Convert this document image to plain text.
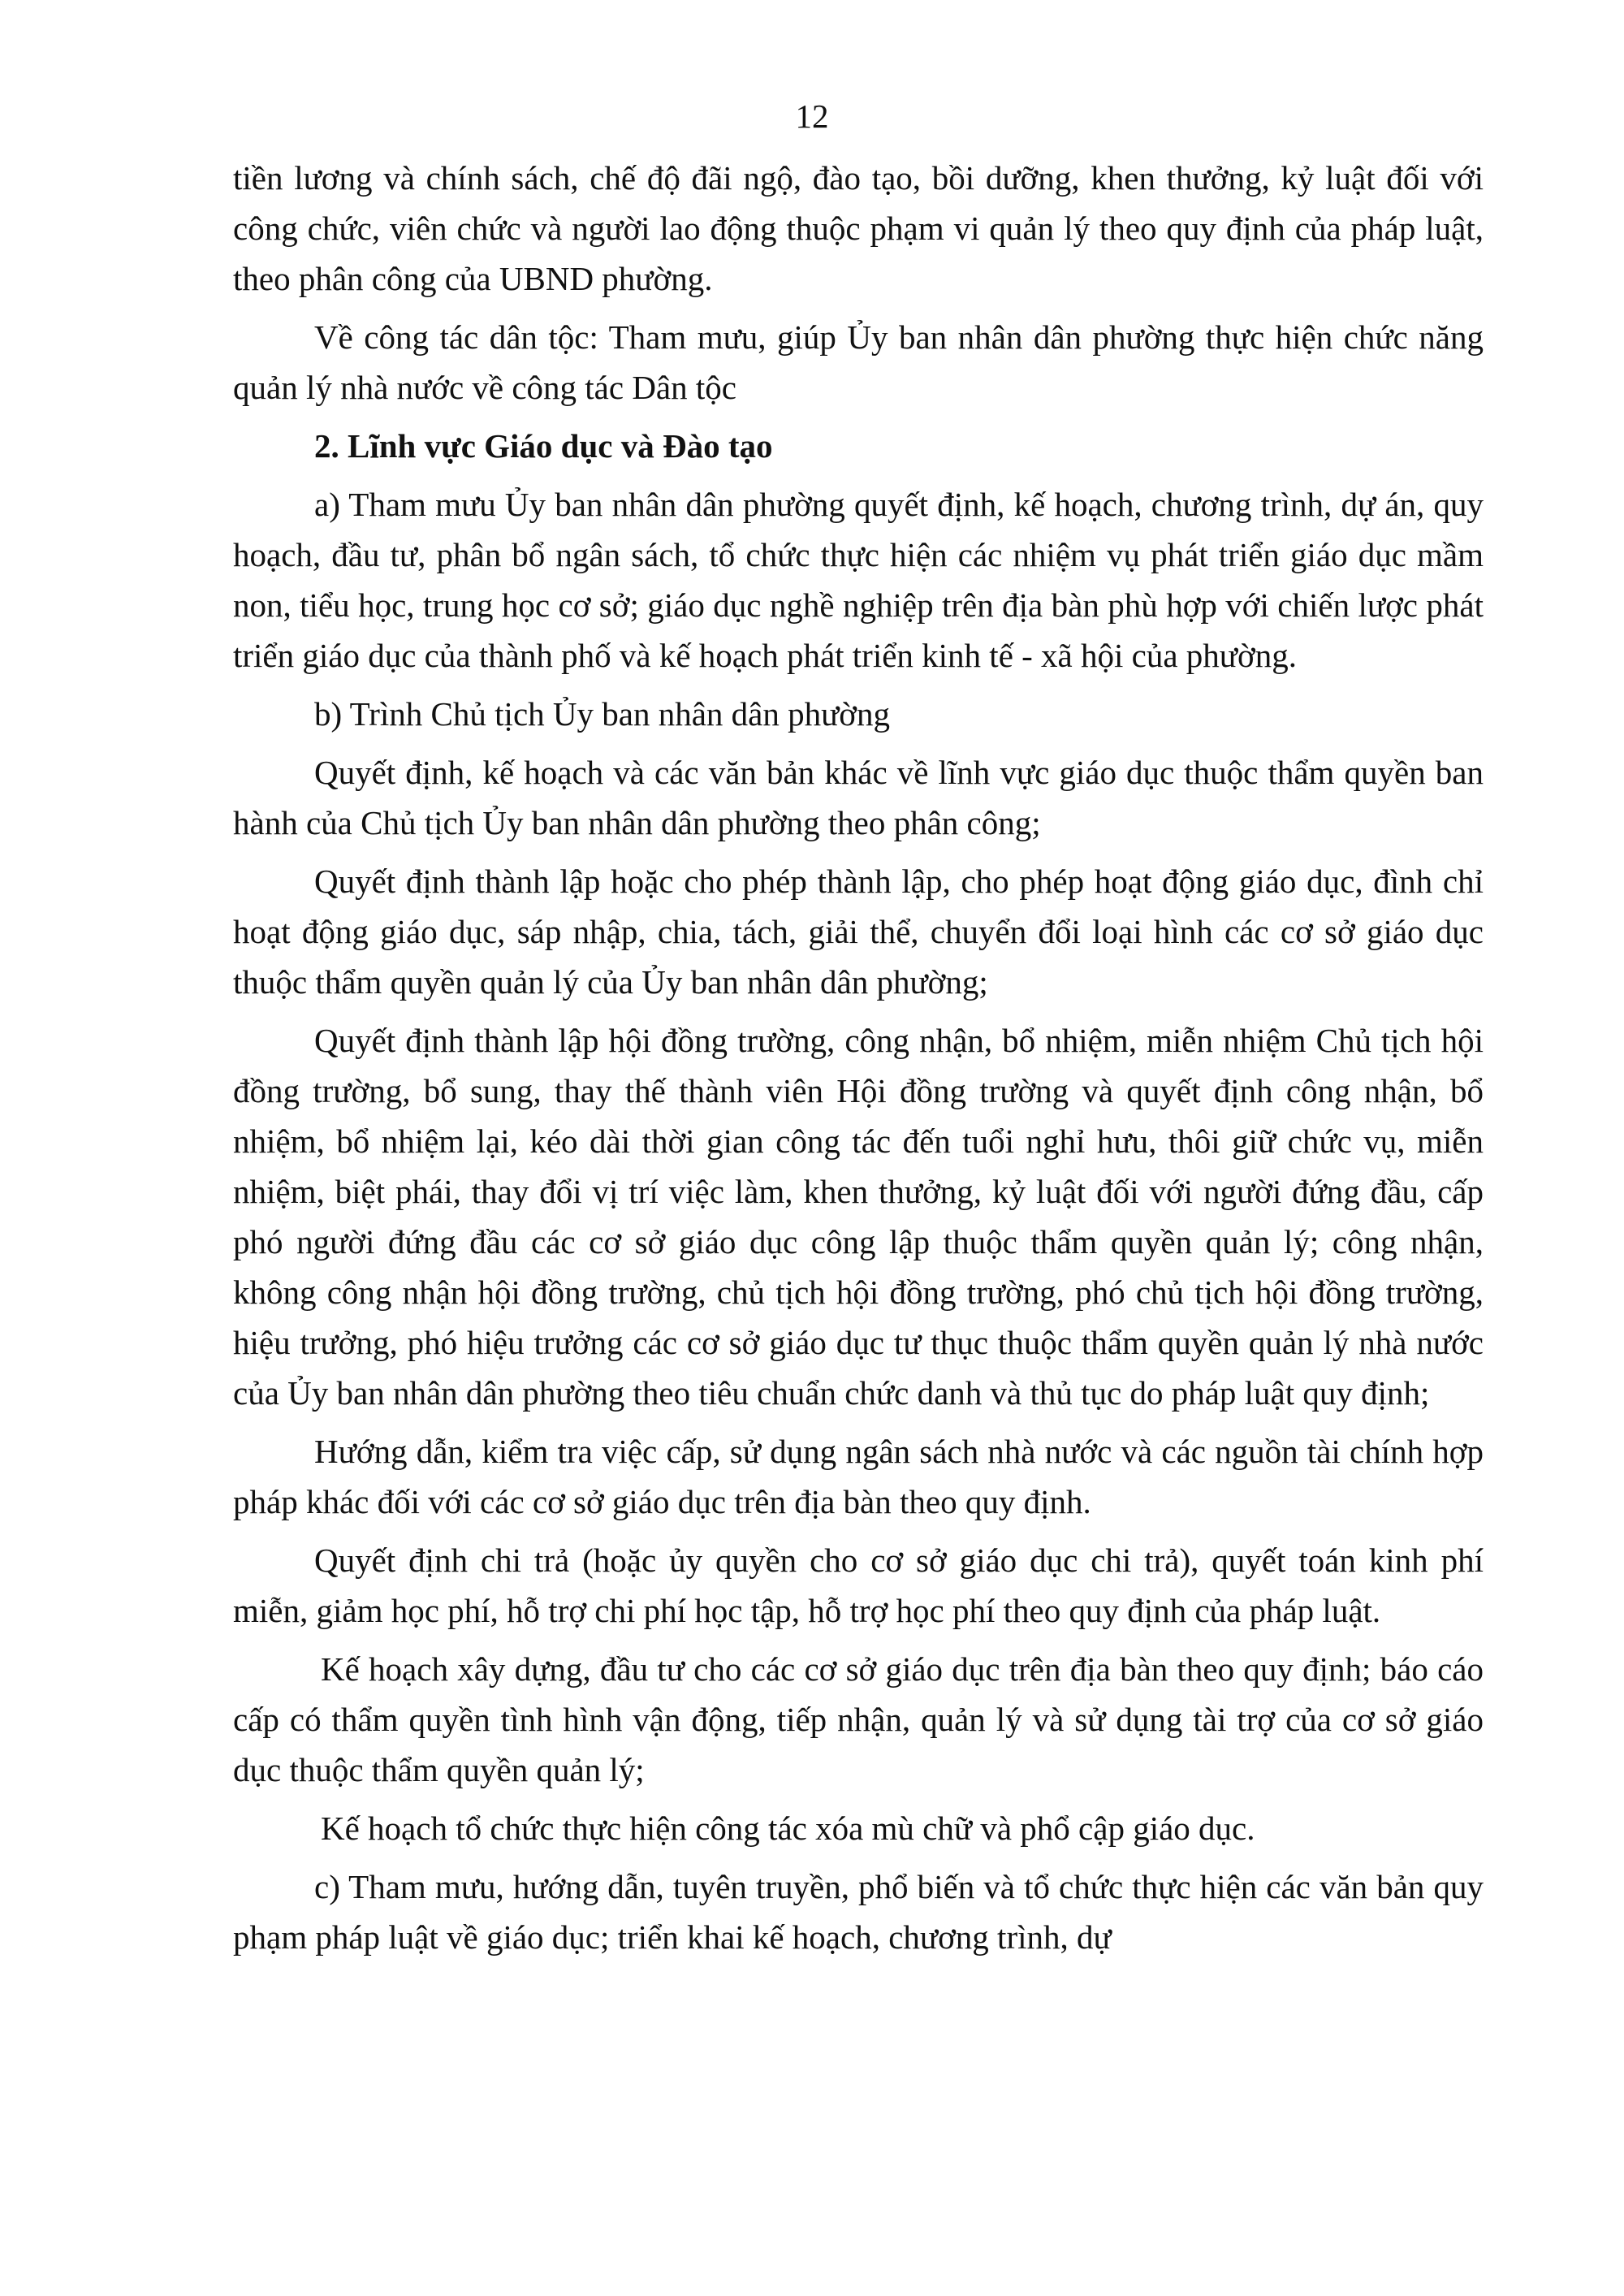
12

tiền lương và chính sách, chế độ đãi ngộ, đào tạo, bồi dưỡng, khen thưởng, kỷ luật đối với công chức, viên chức và người lao động thuộc phạm vi quản lý theo quy định của pháp luật, theo phân công của UBND phường.

Về công tác dân tộc: Tham mưu, giúp Ủy ban nhân dân phường thực hiện chức năng quản lý nhà nước về công tác Dân tộc

2. Lĩnh vực Giáo dục và Đào tạo

a) Tham mưu Ủy ban nhân dân phường quyết định, kế hoạch, chương trình, dự án, quy hoạch, đầu tư, phân bổ ngân sách, tổ chức thực hiện các nhiệm vụ phát triển giáo dục mầm non, tiểu học, trung học cơ sở; giáo dục nghề nghiệp trên địa bàn phù hợp với chiến lược phát triển giáo dục của thành phố và kế hoạch phát triển kinh tế - xã hội của phường.

b) Trình Chủ tịch Ủy ban nhân dân phường

Quyết định, kế hoạch và các văn bản khác về lĩnh vực giáo dục thuộc thẩm quyền ban hành của Chủ tịch Ủy ban nhân dân phường theo phân công;

Quyết định thành lập hoặc cho phép thành lập, cho phép hoạt động giáo dục, đình chỉ hoạt động giáo dục, sáp nhập, chia, tách, giải thể, chuyển đổi loại hình các cơ sở giáo dục thuộc thẩm quyền quản lý của Ủy ban nhân dân phường;

Quyết định thành lập hội đồng trường, công nhận, bổ nhiệm, miễn nhiệm Chủ tịch hội đồng trường, bổ sung, thay thế thành viên Hội đồng trường và quyết định công nhận, bổ nhiệm, bổ nhiệm lại, kéo dài thời gian công tác đến tuổi nghỉ hưu, thôi giữ chức vụ, miễn nhiệm, biệt phái, thay đổi vị trí việc làm, khen thưởng, kỷ luật đối với người đứng đầu, cấp phó người đứng đầu các cơ sở giáo dục công lập thuộc thẩm quyền quản lý; công nhận, không công nhận hội đồng trường, chủ tịch hội đồng trường, phó chủ tịch hội đồng trường, hiệu trưởng, phó hiệu trưởng các cơ sở giáo dục tư thục thuộc thẩm quyền quản lý nhà nước của Ủy ban nhân dân phường theo tiêu chuẩn chức danh và thủ tục do pháp luật quy định;

Hướng dẫn, kiểm tra việc cấp, sử dụng ngân sách nhà nước và các nguồn tài chính hợp pháp khác đối với các cơ sở giáo dục trên địa bàn theo quy định.

Quyết định chi trả (hoặc ủy quyền cho cơ sở giáo dục chi trả), quyết toán kinh phí miễn, giảm học phí, hỗ trợ chi phí học tập, hỗ trợ học phí theo quy định của pháp luật.

Kế hoạch xây dựng, đầu tư cho các cơ sở giáo dục trên địa bàn theo quy định; báo cáo cấp có thẩm quyền tình hình vận động, tiếp nhận, quản lý và sử dụng tài trợ của cơ sở giáo dục thuộc thẩm quyền quản lý;

Kế hoạch tổ chức thực hiện công tác xóa mù chữ và phổ cập giáo dục.

c) Tham mưu, hướng dẫn, tuyên truyền, phổ biến và tổ chức thực hiện các văn bản quy phạm pháp luật về giáo dục; triển khai kế hoạch, chương trình, dự
